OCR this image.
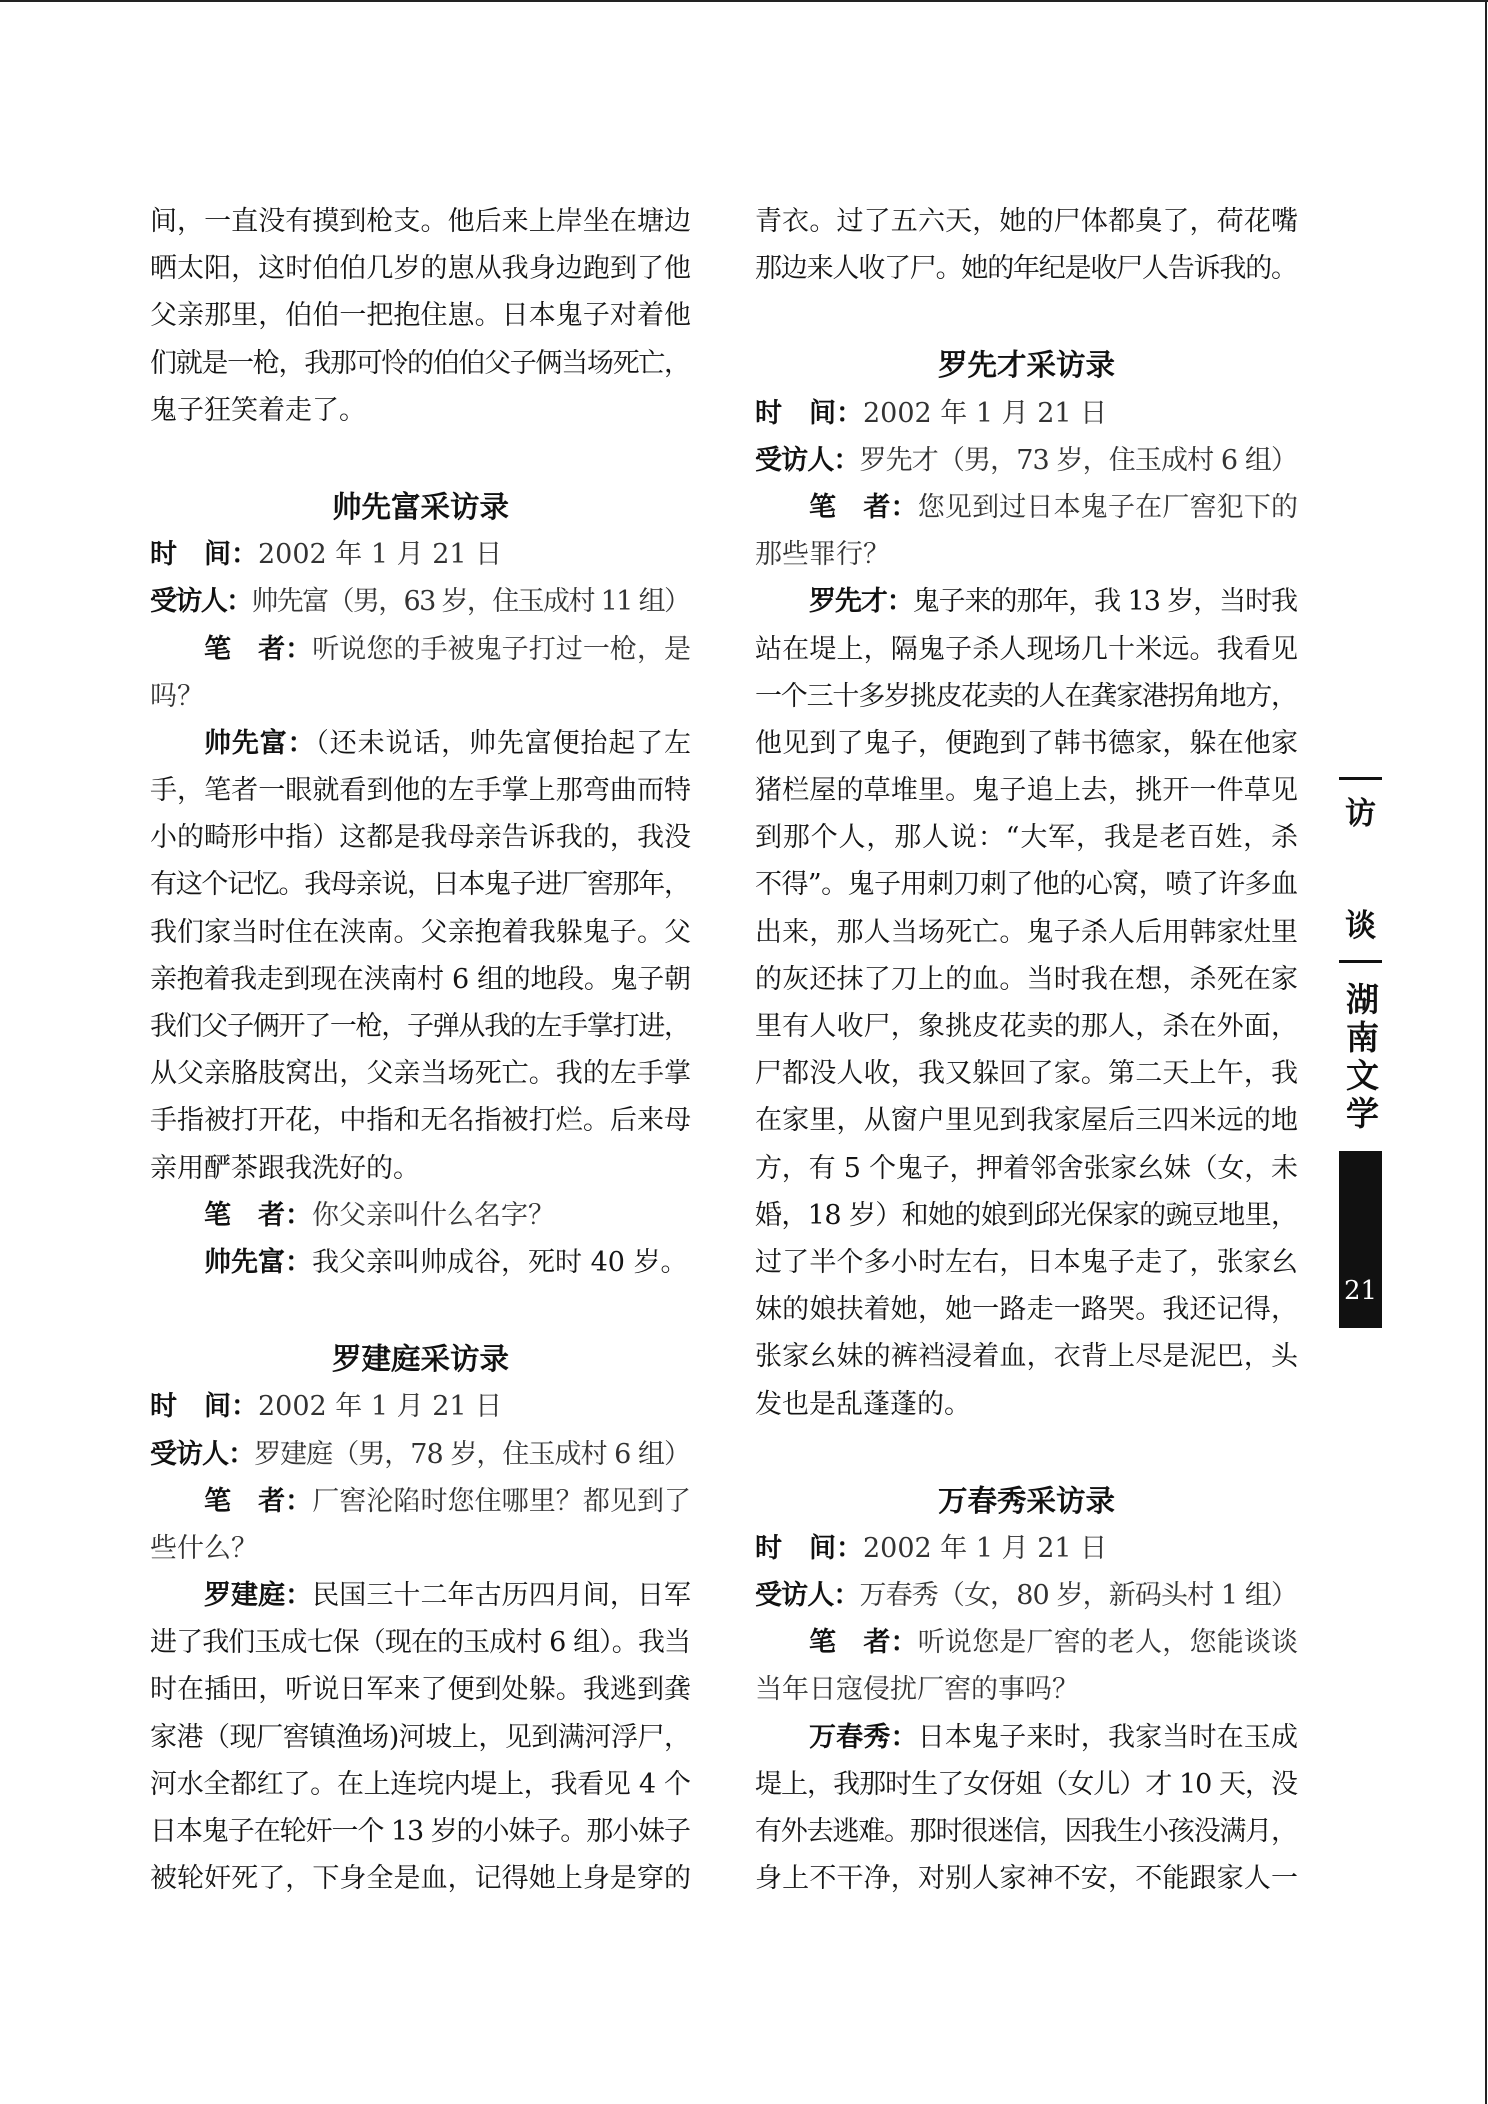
间，一直没有摸到枪支。他后来上岸坐在塘边
晒太阳，这时伯伯几岁的崽从我身边跑到了他
父亲那里，伯伯一把抱住崽。日本鬼子对着他
们就是一枪，我那可怜的伯伯父子俩当场死亡，
鬼子狂笑着走了。
帅先富采访录
时　间：2002 年 1 月 21 日
受访人：帅先富（男，63 岁，住玉成村 11 组）
笔　者：听说您的手被鬼子打过一枪，是
吗？
帅先富：（还未说话，帅先富便抬起了左
手，笔者一眼就看到他的左手掌上那弯曲而特
小的畸形中指）这都是我母亲告诉我的，我没
有这个记忆。我母亲说，日本鬼子进厂窖那年，
我们家当时住在浃南。父亲抱着我躲鬼子。父
亲抱着我走到现在浃南村 6 组的地段。鬼子朝
我们父子俩开了一枪，子弹从我的左手掌打进，
从父亲胳肢窝出，父亲当场死亡。我的左手掌
手指被打开花，中指和无名指被打烂。后来母
亲用酽茶跟我洗好的。
笔　者：你父亲叫什么名字？
帅先富：我父亲叫帅成谷，死时 40 岁。
罗建庭采访录
时　间：2002 年 1 月 21 日
受访人：罗建庭（男，78 岁，住玉成村 6 组）
笔　者：厂窖沦陷时您住哪里？都见到了
些什么？
罗建庭：民国三十二年古历四月间，日军
进了我们玉成七保（现在的玉成村 6 组）。我当
时在插田，听说日军来了便到处躲。我逃到龚
家港（现厂窖镇渔场)河坡上，见到满河浮尸，
河水全都红了。在上连垸内堤上，我看见 4 个
日本鬼子在轮奸一个 13 岁的小妹子。那小妹子
被轮奸死了，下身全是血，记得她上身是穿的
青衣。过了五六天，她的尸体都臭了，荷花嘴
那边来人收了尸。她的年纪是收尸人告诉我的。
罗先才采访录
时　间：2002 年 1 月 21 日
受访人：罗先才（男，73 岁，住玉成村 6 组）
笔　者：您见到过日本鬼子在厂窖犯下的
那些罪行？
罗先才：鬼子来的那年，我 13 岁，当时我
站在堤上，隔鬼子杀人现场几十米远。我看见
一个三十多岁挑皮花卖的人在龚家港拐角地方，
他见到了鬼子，便跑到了韩书德家，躲在他家
猪栏屋的草堆里。鬼子追上去，挑开一件草见
到那个人，那人说：“大军，我是老百姓，杀
不得”。鬼子用刺刀刺了他的心窝，喷了许多血
出来，那人当场死亡。鬼子杀人后用韩家灶里
的灰还抹了刀上的血。当时我在想，杀死在家
里有人收尸，象挑皮花卖的那人，杀在外面，
尸都没人收，我又躲回了家。第二天上午，我
在家里，从窗户里见到我家屋后三四米远的地
方，有 5 个鬼子，押着邻舍张家幺妹（女，未
婚，18 岁）和她的娘到邱光保家的豌豆地里，
过了半个多小时左右，日本鬼子走了，张家幺
妹的娘扶着她，她一路走一路哭。我还记得，
张家幺妹的裤裆浸着血，衣背上尽是泥巴，头
发也是乱蓬蓬的。
万春秀采访录
时　间：2002 年 1 月 21 日
受访人：万春秀（女，80 岁，新码头村 1 组）
笔　者：听说您是厂窖的老人，您能谈谈
当年日寇侵扰厂窖的事吗？
万春秀：日本鬼子来时，我家当时在玉成
堤上，我那时生了女伢姐（女儿）才 10 天，没
有外去逃难。那时很迷信，因我生小孩没满月，
身上不干净，对别人家神不安，不能跟家人一
访
谈
湖南文学
21
